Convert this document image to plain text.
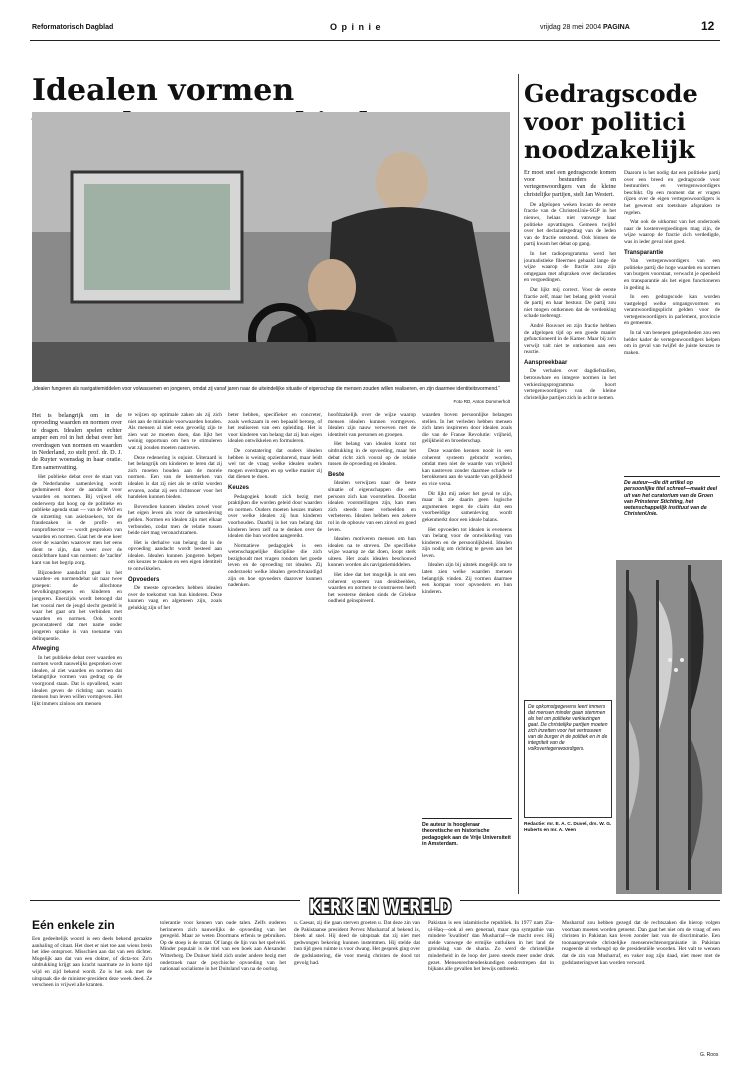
Reformatorisch Dagblad	O p i n i e	vrijdag 28 mei 2004 PAGINA	12
Idealen vormen
„Idealen fungeren als navigatiemiddelen voor volwassenen en jongeren, omdat zij vanaf jaren naar de uiteindelijke situatie of eigenschap die mensen zouden willen realiseren, en zijn daarmee identiteitsvormend."
Foto RD, Anton Dommerholt

Het is belangrijk om in de opvoeding waarden en normen over te dragen. Idealen spelen echter amper een rol in het debat over het overdragen van normen en waarden in Nederland, zo stelt prof. dr. D. J. de Ruyter woensdag in haar oratie. Een samenvatting.

Het publieke debat over de staat van de Nederlandse samenleving wordt gedomineerd door de aandacht voor waarden en normen. Bij vrijwel elk onderwerp dat hoog op de politieke en publieke agenda staat — van de WAO en de uitzetting van asielzoekers, tot de fraudezaken in de profit- en nonprofitsector — wordt gesproken van waarden en normen. Gaat het de ene keer over de waarden waarover men het eens dient te zijn, dan weer over de onzichtbare hand van normen: de 'zachte' kant van het begrip zorg.

Bijzondere aandacht gaat in het waarden- en normendebat uit naar twee groepen: de allochtone bevolkingsgroepen en kinderen en jongeren. Enerzijds wordt betoogd dat het vooral met de jeugd slecht gesteld is waar het gaat om het verbinden met waarden en normen. Ook wordt geconstateerd dat met name onder jongeren sprake is van toename van delinquentie.

Afweging

In het publieke debat over waarden en normen wordt nauwelijks gesproken over idealen, al ziet waarden en normen dat belangrijke vormen van gedrag op de voorgrond staan. Dat is opvallend, want idealen geven de richting aan waarin mensen hun leven willen vormgeven. Het lijkt immers zinloos om mensen

te wijzen op optimale zaken als zij zich niet aan de minimale voorwaarden houden. Als mensen al niet eens gevoelig zijn te zien wat ze moeten doen, dan lijkt het weinig opportuun om hen te stimuleren wat zij zouden moeten nastreven.

Deze redenering is onjuist. Uiteraard is het belangrijk om kinderen te leren dat zij zich moeten houden aan de morele normen. Een van de kenmerken van idealen is dat zij niet als te strikt worden ervaren, zodat zij een richtsnoer voor het handelen kunnen bieden.

Bovendien kunnen idealen zowel voor het eigen leven als voor de samenleving gelden. Normen en idealen zijn met elkaar verbonden, zodat men de relatie tussen beide niet mag veronachtzamen.

Het is derhalve van belang dat in de opvoeding aandacht wordt besteed aan idealen. Idealen kunnen jongeren helpen om keuzes te maken en een eigen identiteit te ontwikkelen.

Opvoeders

De meeste opvoeders hebben idealen over de toekomst van hun kinderen. Deze kunnen vaag en algemeen zijn, zoals gelukkig zijn of het

beter hebben, specifieker en concreter, zoals werkzaam in een bepaald beroep, of het realiseren van een opleiding. Het is voor kinderen van belang dat zij hun eigen idealen ontwikkelen en formuleren.

De constatering dat ouders idealen hebben is weinig opzienbarend, maar leidt wel tot de vraag welke idealen ouders mogen overdragen en op welke manier zij dat dienen te doen.

Keuzes

Pedagogiek houdt zich bezig met praktijken die worden geleid door waarden en normen. Ouders moeten keuzes maken over welke idealen zij hun kinderen voorhouden. Daarbij is het van belang dat kinderen leren zelf na te denken over de idealen die hun worden aangereikt.

Normatieve pedagogiek is een wetenschappelijke discipline die zich bezighoudt met vragen rondom het goede leven en de opvoeding tot idealen. Zij onderzoekt welke idealen gerechtvaardigd zijn en hoe opvoeders daarover kunnen nadenken.

hoofdzakelijk over de wijze waarop mensen idealen kunnen vormgeven. Idealen zijn nauw verweven met de identiteit van personen en groepen.

Het belang van idealen komt tot uitdrukking in de opvoeding, maar het debat richt zich vooral op de relatie tussen de opvoeding en idealen.

Beste

Idealen verwijzen naar de beste situatie of eigenschappen die een persoon zich kan voorstellen. Doordat idealen voorstellingen zijn, kan men zich steeds meer verbeelden en verbeteren. Idealen hebben een zekere rol in de opbouw van een zinvol en goed leven.

Idealen motiveren mensen om hun idealen na te streven. De specifieke wijze waarop ze dat doen, loopt sterk uiteen. Het zoals idealen beschouwd kunnen worden als navigatiemiddelen.

Het idee dat het mogelijk is om een coherent systeem van denkbeelden, waarden en normen te construeren heeft het westerse denken sinds de Griekse oudheid geïnspireerd.

waarden boven persoonlijke belangen stellen. In het verleden hebben mensen zich laten inspireren door idealen zoals die van de Franse Revolutie: vrijheid, gelijkheid en broederschap.

Deze waarden kennen nooit in een coherent systeem gebracht worden, omdat men niet de waarde van vrijheid kan nastreven zonder daarmee schade te berokkenen aan de waarde van gelijkheid en vice versa.

Dit lijkt mij zeker het geval te zijn, maar ik zie daarin geen logische argumenten tegen de claim dat een voorbeeldige samenleving wordt gekenmerkt door een ideale balans.

Het opvoeden tot idealen is eveneens van belang voor de ontwikkeling van kinderen en de persoonlijkheid. Idealen zijn nodig om richting te geven aan het leven.

Idealen zijn bij uitstek mogelijk om te laten zien welke waarden mensen belangrijk vinden. Zij vormen daarmee een kompas voor opvoeders en hun kinderen.

De auteur is hoogleraar theoretische en historische pedagogiek aan de Vrije Universiteit in Amsterdam.
Gedragscode voor politici noodzakelijk

Er moet snel een gedragscode komen voor bestuurders en vertegenwoordigers van de kleine christelijke partijen, stelt Jan Westert.

De afgelopen weken kwam de eerste fractie van de ChristenUnie-SGP in het nieuws, helaas niet vanwege haar politieke opvattingen. Gemeen twijfel over het declaratiegedrag van de leden van de fractie ontstond. Ook binnen de partij kwam het debat op gang.

In het radioprogramma werd het journalistieke fileermes gehaald lange de wijze waarop de fractie zou zijn omgegaan met afspraken over declaraties en vergoedingen.

Dat lijkt mij correct. Voor de eerste fractie zelf, maar het belang geldt vooral de partij en haar bestuur. De partij zou niet mogen ontkennen dat de verdenking schade toebrengt.

André Rouvoet en zijn fractie hebben de afgelopen tijd op een goede manier gefunctioneerd in de Kamer. Maar bij zo'n verwijt valt niet te ontkomen aan een reactie.

Aanspreekbaar

De verhalen over dagdiefstallen, betrouwbare en integere normen in het verkiezingsprogramma hoort vertegenwoordigers van de kleine christelijke partijen zich in acht te nemen.

Daarom is het nodig dat een politieke partij over een breed en gedragscode voor bestuurders en vertegenwoordigers beschikt. Op een moment dat er vragen rijzen over de eigen vertegenwoordigers is het gewenst om toetsbare afspraken te regelen.

Wat ook de uitkomst van het onderzoek naar de kostenvergoedingen mag zijn, de wijze waarop de fractie zich verdedigde, was in ieder geval niet goed.

Transparantie

Van vertegenwoordigers van een politieke partij die hoge waarden en normen van burgers voorstaat, verwacht je openheid en transparantie als het eigen functioneren in geding is.

In een gedragscode kan worden vastgelegd welke omgangsvormen en verantwoordingsplicht gelden voor de vertegenwoordigers in parlement, provincie en gemeente.

In tal van benepen gelegenheden zou een helder kader de vertegenwoordigers helpen om in geval van twijfel de juiste keuzes te maken.

De auteur—die dit artikel op persoonlijke titel schreef—maakt deel uit van het curatorium van de Groen van Prinsterer Stichting, het wetenschappelijk instituut van de ChristenUnie.
De opkomstgegevens leert immers dat mensen minder gaan stemmen als het om politieke verkiezingen gaat. De christelijke partijen moeten zich inzetten voor het vertrouwen van de burger in de politiek en in de integriteit van de volksvertegenwoordigers.
Redactie: mr. E. A. C. Duvel, drs. W. G. Huberts en mr. A. Veen
KERK EN WERELD
Eén enkele zin

Een gedeeltelijk woord is een deels bekend geraakte aanhaling of citaat. Het doet er niet toe aan wiens brein het idee ontsproot. Misschien aan dat van een dichter. Mogelijk aan dat van een dokter, of dicta-tor. Zo'n uitdrukking krijgt aan kracht naarmate ze in korte tijd wijd en zijd bekend wordt. Zo is het ook met de uitspraak die de minister-president deze week deed. Ze verscheen in vrijwel alle kranten.

tolerantie voor kennen van oude talen. Zelfs ouderen herinneren zich nauwelijks de opvoeding van het geregeld. Maar ze weten Doormans erfenis te gebruiken. Op de stoep is de straat. Of langs de lijn van het spelveld. Minder populair is de titel van een boek aan Alexander Witterberg. De Duitser hield zich onder andere bezig met onderzoek naar de psychische opvoeding van het nationaal socialisme in het Duitsland van na de oorlog.

u. Caesar, zij die gaan sterven groeten u. Dat deze zin van de Pakistaanse president Pervez Musharraf al bekend is, bleek al snel. Hij deed de uitspraak dat zij niet met gedwongen bekering kunnen instemmen. Hij stelde dat hun tijd geen ruimte is voor dwang. Het gesprek ging over de godslastering, die voor menig christen de dood tot gevolg had.

Pakistan is een islamitische republiek. In 1977 nam Zia-ul-Haq—ook al een generaal, maar qua sympathie van mindere 'kwaliteit' dan Musharraf—de macht over. Hij stelde vanwege de ermijke ontluiken in het land de grondslag van de sharia. Zo werd de christelijke minderheid in de loop der jaren steeds meer onder druk gezet. Mensenrechtendeskundigen onderstrepen dat in bijkans alle gevallen het bewijs ontbreekt.

Musharraf zou hebben gezegd dat de rechtszaken die hierop volgen voortaan moeten worden getoetst. Dan gaat het niet om de vraag of een christen in Pakistan kan leven zonder last van de discriminatie. Een toonaangevende christelijke mensenrechtenorganisatie in Pakistan reageerde al verheugd op de presidentiële woorden. Het valt te wensen dat de zin van Musharraf, en vaker nog zijn daad, niet meer met de godslasteringwet kan worden verward.

G. Roos
